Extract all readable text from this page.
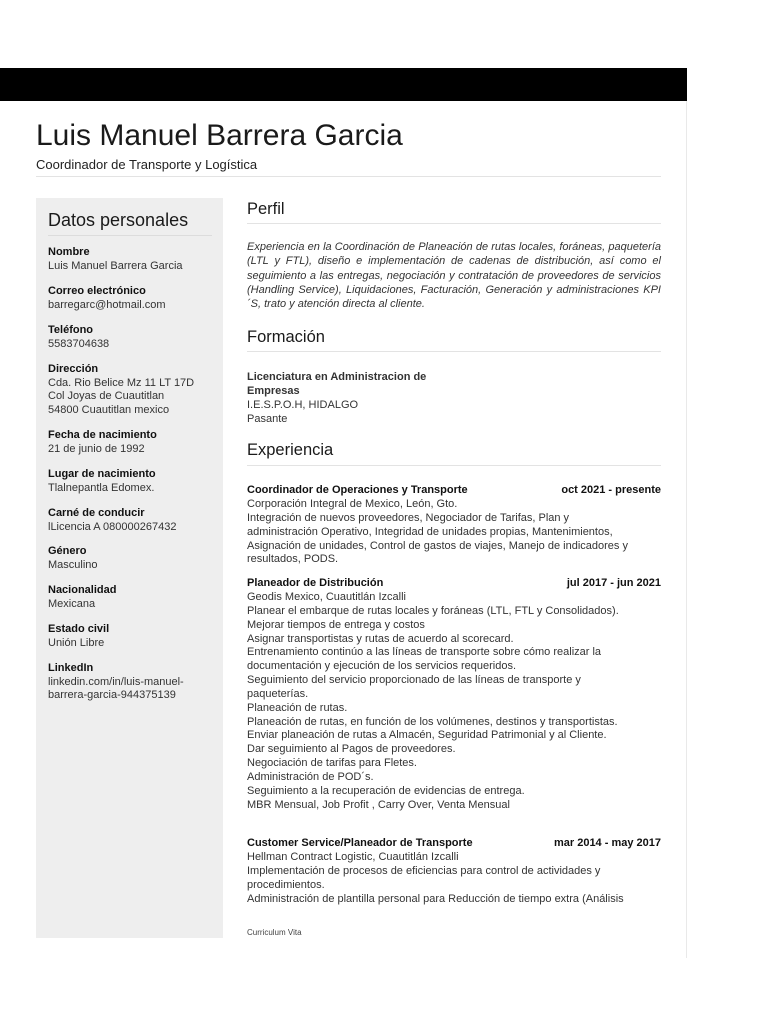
Luis Manuel Barrera Garcia
Coordinador de Transporte y Logística
Datos personales
Nombre
Luis Manuel Barrera Garcia
Correo electrónico
barregarc@hotmail.com
Teléfono
5583704638
Dirección
Cda. Rio Belice Mz 11 LT 17D
Col Joyas de Cuautitlan
54800 Cuautitlan mexico
Fecha de nacimiento
21 de junio de 1992
Lugar de nacimiento
Tlalnepantla Edomex.
Carné de conducir
lLicencia A 080000267432
Género
Masculino
Nacionalidad
Mexicana
Estado civil
Unión Libre
LinkedIn
linkedin.com/in/luis-manuel-
barrera-garcia-944375139
Perfil
Experiencia en la Coordinación de Planeación de rutas locales, foráneas, paquetería (LTL y FTL), diseño e implementación de cadenas de distribución, así como el seguimiento a las entregas, negociación y contratación de proveedores de servicios (Handling Service), Liquidaciones, Facturación, Generación y administraciones KPI´S, trato y atención directa al cliente.
Formación
Licenciatura en Administracion de
Empresas
I.E.S.P.O.H, HIDALGO
Pasante
Experiencia
Coordinador de Operaciones y Transporte	oct 2021 - presente
Corporación Integral de Mexico, León, Gto.
Integración de nuevos proveedores, Negociador de Tarifas, Plan y
administración Operativo, Integridad de unidades propias, Mantenimientos,
Asignación de unidades, Control de gastos de viajes, Manejo de indicadores y
resultados, PODS.
Planeador de Distribución	jul 2017 - jun 2021
Geodis Mexico, Cuautitlán Izcalli
Planear el embarque de rutas locales y foráneas (LTL, FTL y Consolidados).
Mejorar tiempos de entrega y costos
Asignar transportistas y rutas de acuerdo al scorecard.
Entrenamiento continúo a las líneas de transporte sobre cómo realizar la
documentación y ejecución de los servicios requeridos.
Seguimiento del servicio proporcionado de las líneas de transporte y
paqueterías.
Planeación de rutas.
Planeación de rutas, en función de los volúmenes, destinos y transportistas.
Enviar planeación de rutas a Almacén, Seguridad Patrimonial y al Cliente.
Dar seguimiento al Pagos de proveedores.
Negociación de tarifas para Fletes.
Administración de POD´s.
Seguimiento a la recuperación de evidencias de entrega.
MBR Mensual, Job Profit , Carry Over, Venta Mensual
Customer Service/Planeador de Transporte	mar 2014 - may 2017
Hellman Contract Logistic, Cuautitlán Izcalli
Implementación de procesos de eficiencias para control de actividades y
procedimientos.
Administración de plantilla personal para Reducción de tiempo extra (Análisis
Curriculum Vita
